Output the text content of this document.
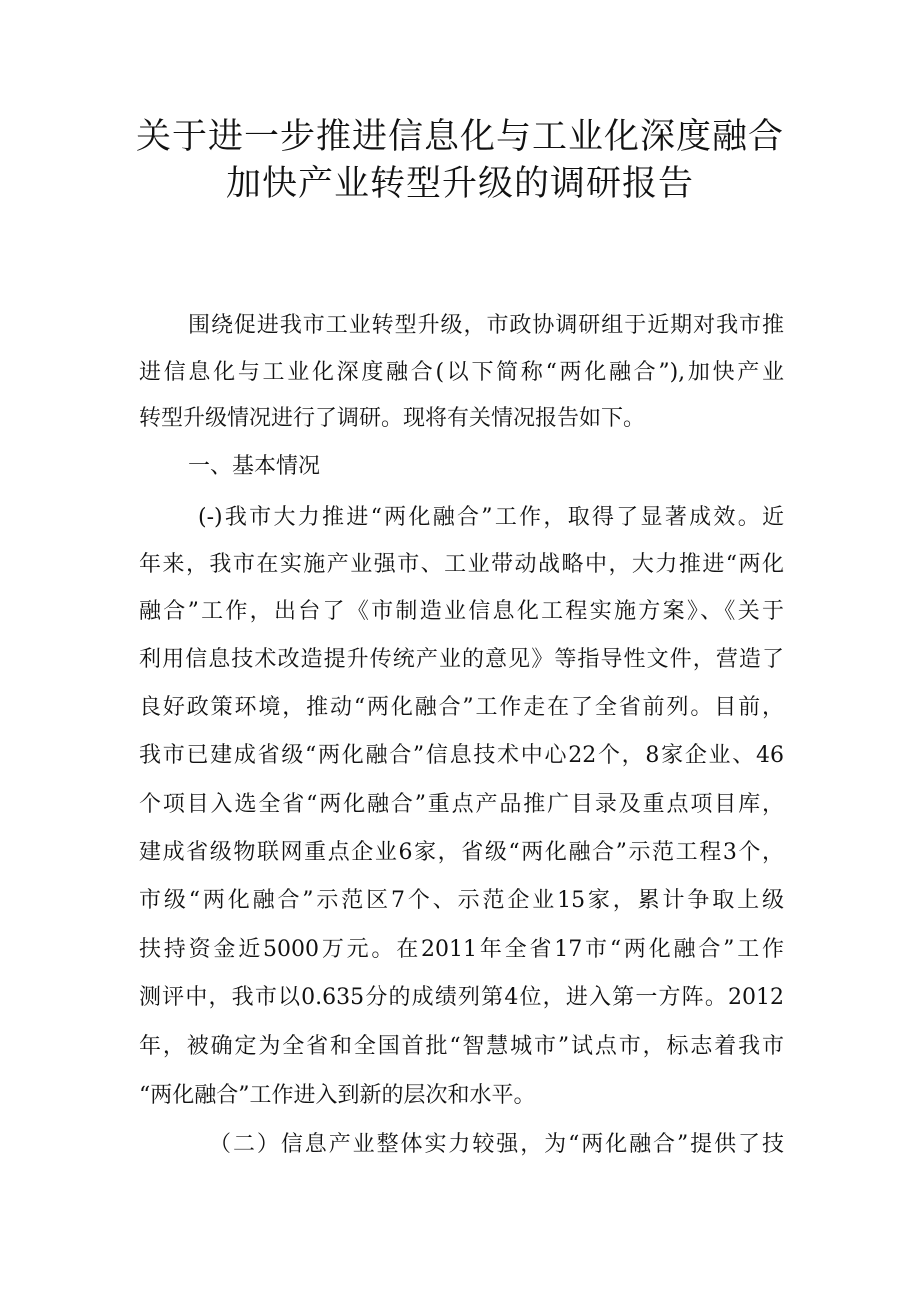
关于进一步推进信息化与工业化深度融合
加快产业转型升级的调研报告
围绕促进我市工业转型升级，市政协调研组于近期对我市推
进信息化与工业化深度融合(以下简称“两化融合”),加快产业
转型升级情况进行了调研。现将有关情况报告如下。
一、基本情况
(-)我市大力推进“两化融合”工作，取得了显著成效。近
年来，我市在实施产业强市、工业带动战略中，大力推进“两化
融合”工作，出台了《市制造业信息化工程实施方案》、《关于
利用信息技术改造提升传统产业的意见》等指导性文件，营造了
良好政策环境，推动“两化融合”工作走在了全省前列。目前，
我市已建成省级“两化融合”信息技术中心22个，8家企业、46
个项目入选全省“两化融合”重点产品推广目录及重点项目库，
建成省级物联网重点企业6家，省级“两化融合”示范工程3个，
市级“两化融合”示范区7个、示范企业15家，累计争取上级
扶持资金近5000万元。在2011年全省17市“两化融合”工作
测评中，我市以0.635分的成绩列第4位，进入第一方阵。2012
年，被确定为全省和全国首批“智慧城市”试点市，标志着我市
“两化融合”工作进入到新的层次和水平。
（二）信息产业整体实力较强，为“两化融合”提供了技
